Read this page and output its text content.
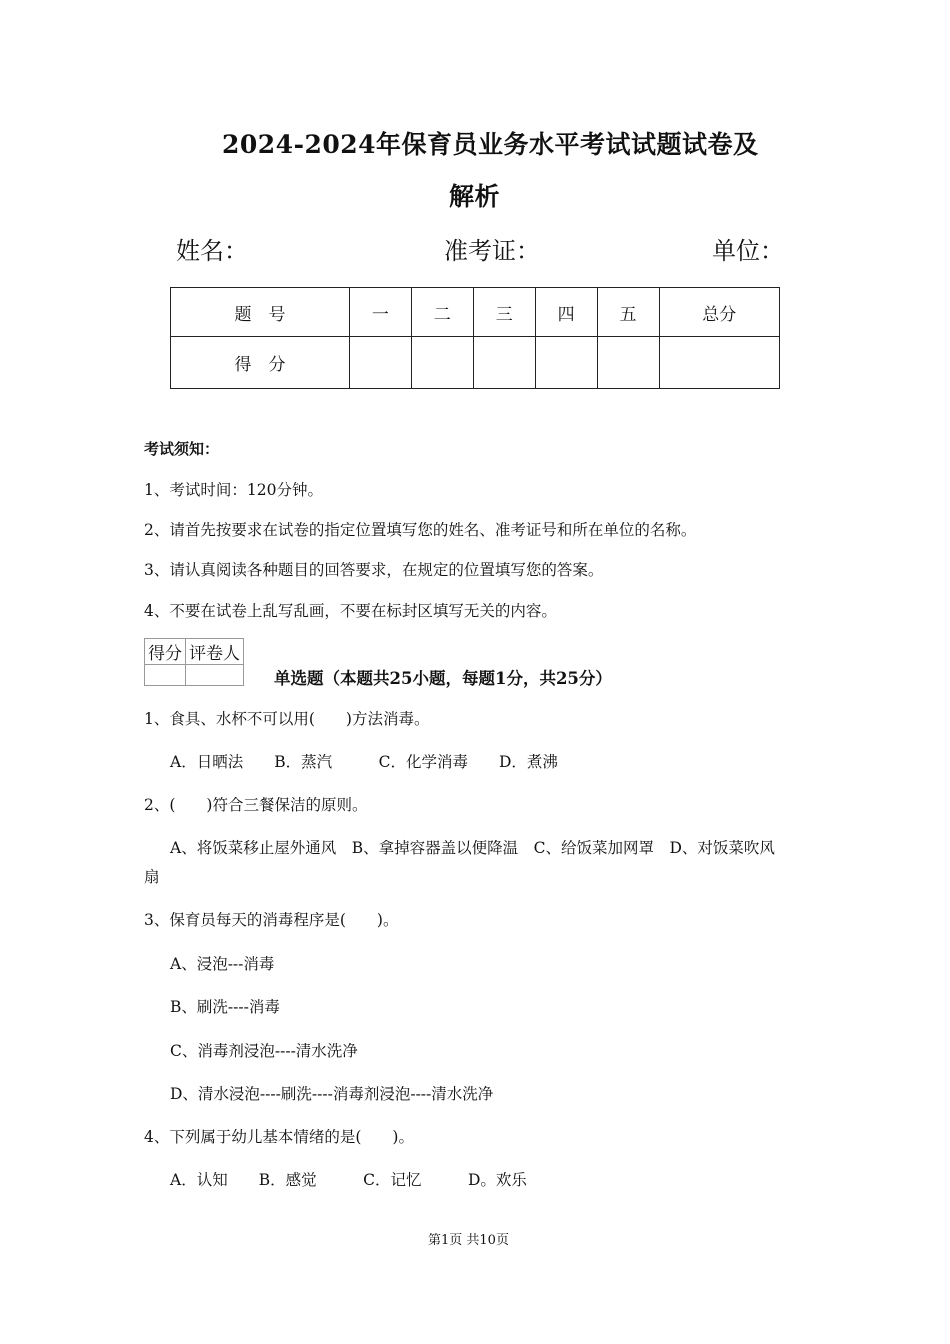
2024-2024年保育员业务水平考试试题试卷及
解析
姓名：	准考证：	单位：
题　号	一	二	三	四	五	总分
得　分						
考试须知：
1、考试时间：120分钟。
2、请首先按要求在试卷的指定位置填写您的姓名、准考证号和所在单位的名称。
3、请认真阅读各种题目的回答要求，在规定的位置填写您的答案。
4、不要在试卷上乱写乱画，不要在标封区填写无关的内容。
得分	评卷人

单选题（本题共25小题，每题1分，共25分）
1、食具、水杯不可以用(　　)方法消毒。
A．日晒法　　B．蒸汽　　　C．化学消毒　　D．煮沸
2、(　　)符合三餐保洁的原则。
A、将饭菜移止屋外通风　B、拿掉容器盖以便降温　C、给饭菜加网罩　D、对饭菜吹风
扇
3、保育员每天的消毒程序是(　　)。
A、浸泡---消毒
B、刷洗----消毒
C、消毒剂浸泡----清水洗净
D、清水浸泡----刷洗----消毒剂浸泡----清水洗净
4、下列属于幼儿基本情绪的是(　　)。
A．认知　　B．感觉　　　C．记忆　　　D。欢乐
第1页 共10页
